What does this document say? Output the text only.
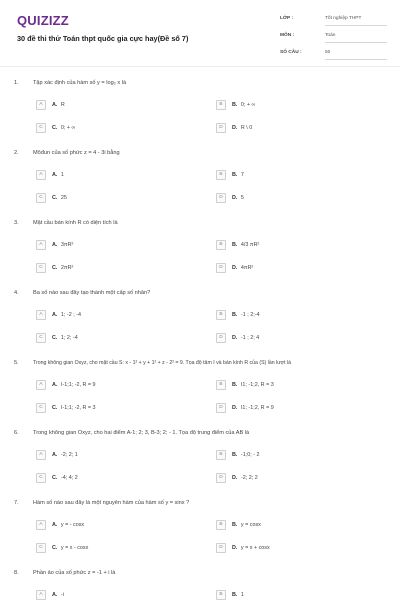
QUIZIZZ
30 đề thi thử Toán thpt quốc gia cực hay(Đề số 7)
LỚP :	Tốt nghiệp THPT
MÔN :	Toán
SỐ CÂU :	50
1.	Tập xác định của hàm số y = log₂ x là
A	A. R	B	B. 0; + ∞
C	C. 0; + ∞	D	D. R \ 0
2.	Môđun của số phức z = 4 - 3i bằng
A	A. 1	B	B. 7
C	C. 25	D	D. 5
3.	Mặt cầu bán kính R có diện tích là
A	A. 3πR²	B	B. 4/3 πR²
C	C. 2πR²	D	D. 4πR²
4.	Ba số nào sau đây tạo thành một cấp số nhân?
A	A. 1; -2 ; -4	B	B. -1 ; 2;-4
C	C. 1; 2; -4	D	D. -1 ; 2; 4
5.	Trong không gian Oxyz, cho mặt cầu S: x - 1² + y + 1² + z - 2² = 9. Tọa độ tâm I và bán kính R của (S) lần lượt là
A	A. I-1;1; -2, R = 9	B	B. I1; -1;2, R = 3
C	C. I-1;1; -2, R = 3	D	D. I1; -1;2, R = 9
6.	Trong không gian Oxyz, cho hai điểm A-1; 2; 3, B-3; 2; - 1. Tọa độ trung điểm của AB là
A	A. -2; 2; 1	B	B. -1;0; - 2
C	C. -4; 4; 2	D	D. -2; 2; 2
7.	Hàm số nào sau đây là một nguyên hàm của hàm số y = sinx ?
A	A. y = - cosx	B	B. y = cosx
C	C. y = x - cosx	D	D. y = x + cosx
8.	Phần ảo của số phức z = -1 + i là
A	A. -i	B	B. 1
